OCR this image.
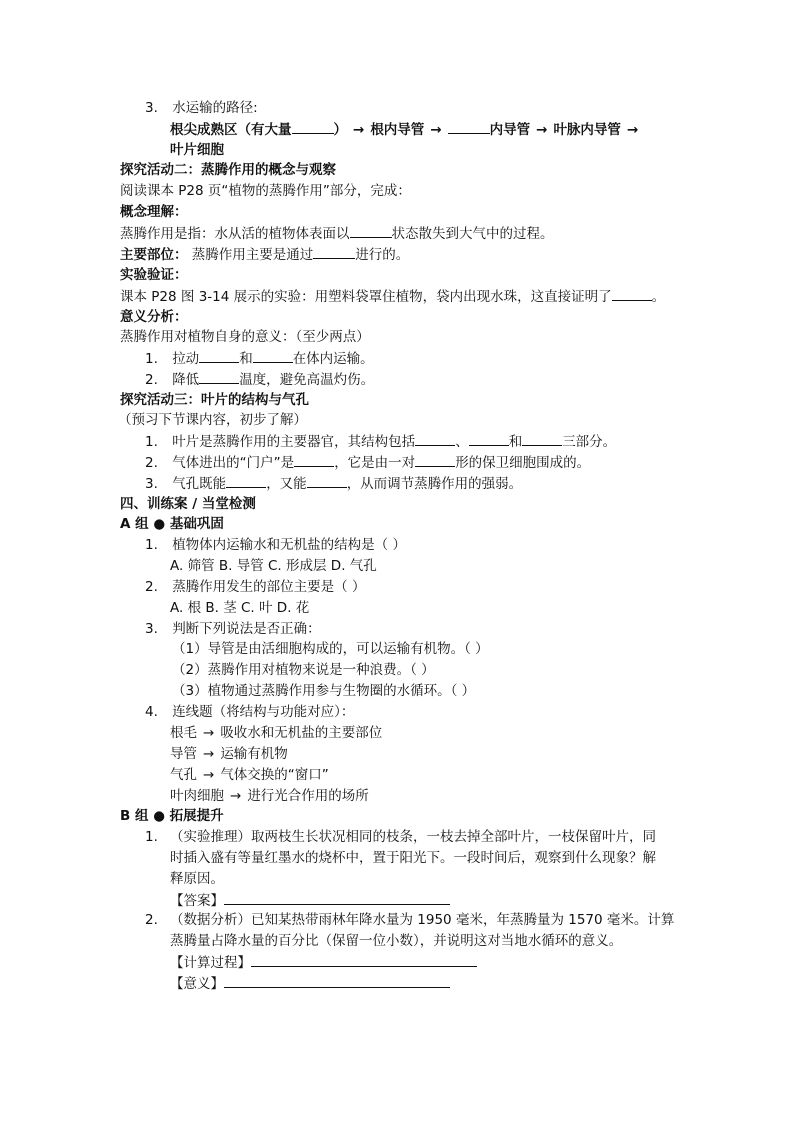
3. 水运输的路径:
根尖成熟区（有大量	） → 根内导管 →	内导管 → 叶脉内导管 →
叶片细胞
探究活动二：蒸腾作用的概念与观察
阅读课本 P28 页“植物的蒸腾作用”部分，完成：
概念理解：
蒸腾作用是指：水从活的植物体表面以	状态散失到大气中的过程。
主要部位： 蒸腾作用主要是通过	进行的。
实验验证：
课本 P28 图 3-14 展示的实验：用塑料袋罩住植物，袋内出现水珠，这直接证明了	。
意义分析：
蒸腾作用对植物自身的意义：（至少两点）
1. 拉动	和	在体内运输。
2. 降低	温度，避免高温灼伤。
探究活动三：叶片的结构与气孔
（预习下节课内容，初步了解）
1. 叶片是蒸腾作用的主要器官，其结构包括	、	和	三部分。
2. 气体进出的“门户”是	，它是由一对	形的保卫细胞围成的。
3. 气孔既能	，又能	，从而调节蒸腾作用的强弱。
四、训练案 / 当堂检测
A 组 ● 基础巩固
1. 植物体内运输水和无机盐的结构是（ ）
A. 筛管 B. 导管 C. 形成层 D. 气孔
2. 蒸腾作用发生的部位主要是（ ）
A. 根 B. 茎 C. 叶 D. 花
3. 判断下列说法是否正确：
（1）导管是由活细胞构成的，可以运输有机物。（ ）
（2）蒸腾作用对植物来说是一种浪费。（ ）
（3）植物通过蒸腾作用参与生物圈的水循环。（ ）
4. 连线题（将结构与功能对应）：
根毛 → 吸收水和无机盐的主要部位
导管 → 运输有机物
气孔 → 气体交换的“窗口”
叶肉细胞 → 进行光合作用的场所
B 组 ● 拓展提升
1. （实验推理）取两枝生长状况相同的枝条，一枝去掉全部叶片，一枝保留叶片，同
时插入盛有等量红墨水的烧杯中，置于阳光下。一段时间后，观察到什么现象？解
释原因。
【答案】
2. （数据分析）已知某热带雨林年降水量为 1950 毫米，年蒸腾量为 1570 毫米。计算
蒸腾量占降水量的百分比（保留一位小数），并说明这对当地水循环的意义。
【计算过程】
【意义】
